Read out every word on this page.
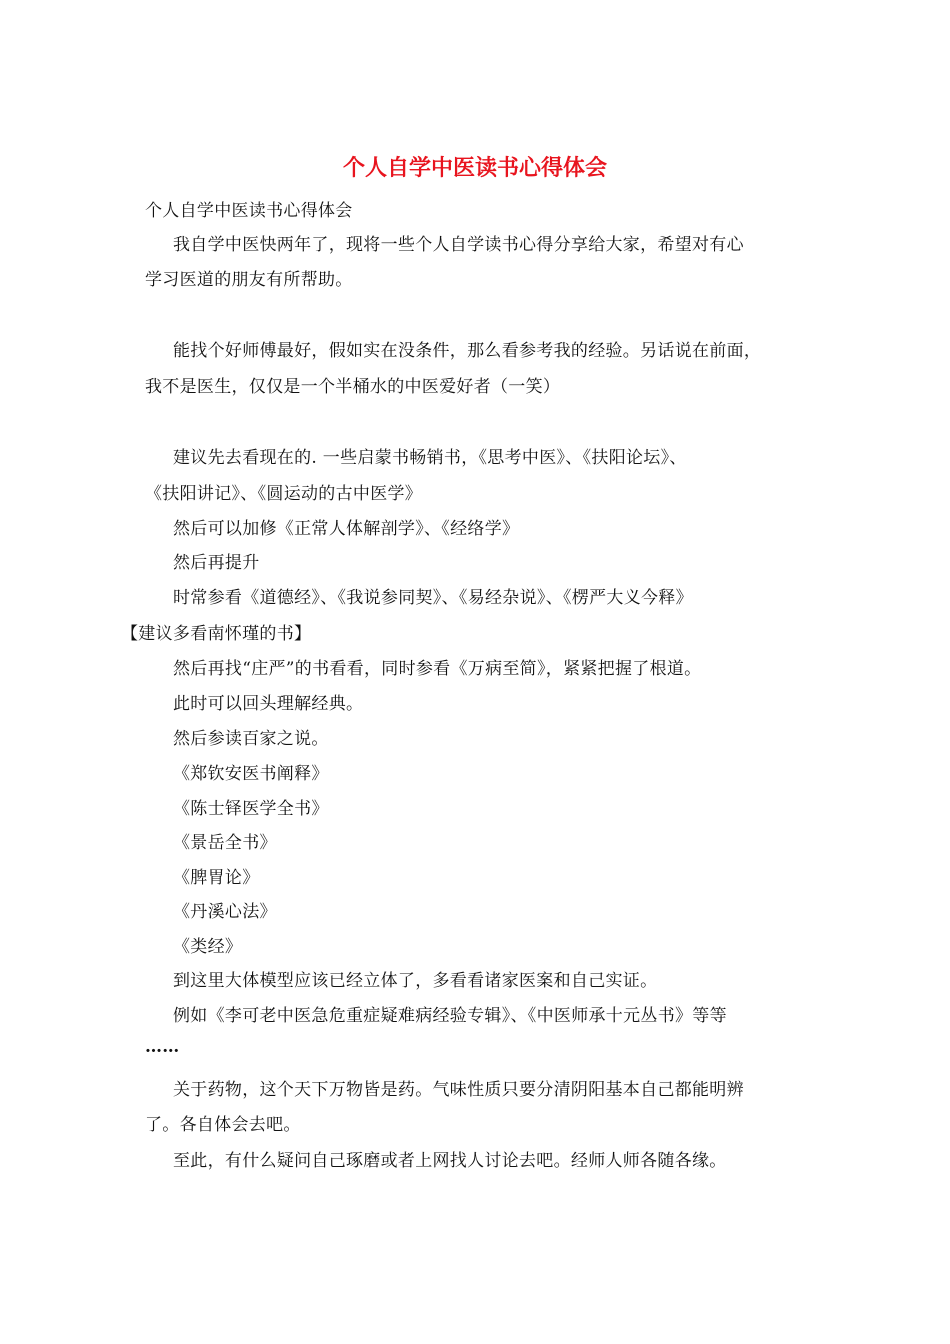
个人自学中医读书心得体会
个人自学中医读书心得体会
我自学中医快两年了，现将一些个人自学读书心得分享给大家，希望对有心
学习医道的朋友有所帮助。
能找个好师傅最好，假如实在没条件，那么看参考我的经验。另话说在前面，
我不是医生，仅仅是一个半桶水的中医爱好者（一笑）
建议先去看现在的. 一些启蒙书畅销书，《思考中医》、《扶阳论坛》、
《扶阳讲记》、《圆运动的古中医学》
然后可以加修《正常人体解剖学》、《经络学》
然后再提升
时常参看《道德经》、《我说参同契》、《易经杂说》、《楞严大义今释》
【建议多看南怀瑾的书】
然后再找“庄严”的书看看，同时参看《万病至简》，紧紧把握了根道。
此时可以回头理解经典。
然后参读百家之说。
《郑钦安医书阐释》
《陈士铎医学全书》
《景岳全书》
《脾胃论》
《丹溪心法》
《类经》
到这里大体模型应该已经立体了，多看看诸家医案和自己实证。
例如《李可老中医急危重症疑难病经验专辑》、《中医师承十元丛书》等等
……
关于药物，这个天下万物皆是药。气味性质只要分清阴阳基本自己都能明辨
了。各自体会去吧。
至此，有什么疑问自己琢磨或者上网找人讨论去吧。经师人师各随各缘。
